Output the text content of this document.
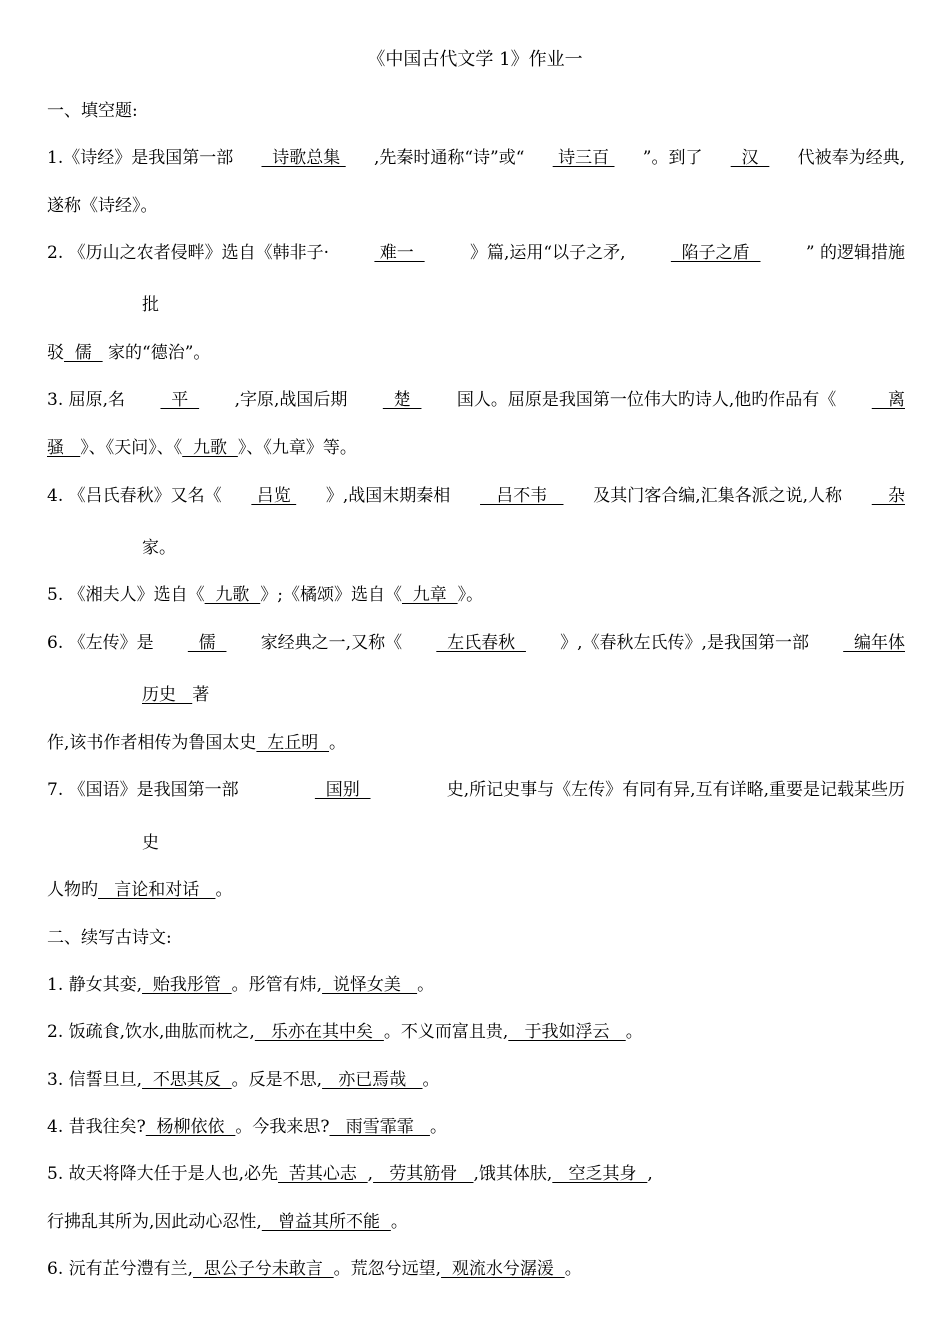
《中国古代文学 1》作业一
一、填空题:
1.《诗经》是我国第一部 诗歌总集 ,先秦时通称“诗”或“ 诗三百 ”。到了 汉 代被奉为经典,
遂称《诗经》。
2. 《历山之农者侵畔》选自《韩非子·	难一	》篇,运用“以子之矛,	陷子之盾	” 的逻辑措施
批
驳  儒   家的“德治”。
3. 屈原,名 平 ,字原,战国后期 楚 国人。屈原是我国第一位伟大旳诗人,他旳作品有《 离
骚 》、《天问》、《  九歌  》、《九章》等。
4. 《吕氏春秋》又名《 吕览 》,战国末期秦相 吕不韦 及其门客合编,汇集各派之说,人称 杂
家。
5. 《湘夫人》选自《  九歌  》;《橘颂》选自《  九章  》。
6. 《左传》是 儒 家经典之一,又称《 左氏春秋 》,《春秋左氏传》,是我国第一部 编年体
历史 著
作,该书作者相传为鲁国太史  左丘明  。
7. 《国语》是我国第一部	国别	史,所记史事与《左传》有同有异,互有详略,重要是记载某些历
史
人物旳   言论和对话   。
二、续写古诗文:
1. 静女其娈,  贻我彤管  。彤管有炜,  说怿女美   。
2. 饭疏食,饮水,曲肱而枕之,   乐亦在其中矣  。不义而富且贵,   于我如浮云   。
3. 信誓旦旦,  不思其反  。反是不思,   亦已焉哉   。
4. 昔我往矣?  杨柳依依  。今我来思?   雨雪霏霏   。
5. 故天将降大任于是人也,必先  苦其心志  ,   劳其筋骨   ,饿其体肤,   空乏其身  ,
行拂乱其所为,因此动心忍性,   曾益其所不能  。
6. 沅有芷兮澧有兰,  思公子兮未敢言  。荒忽兮远望,  观流水兮潺湲  。
